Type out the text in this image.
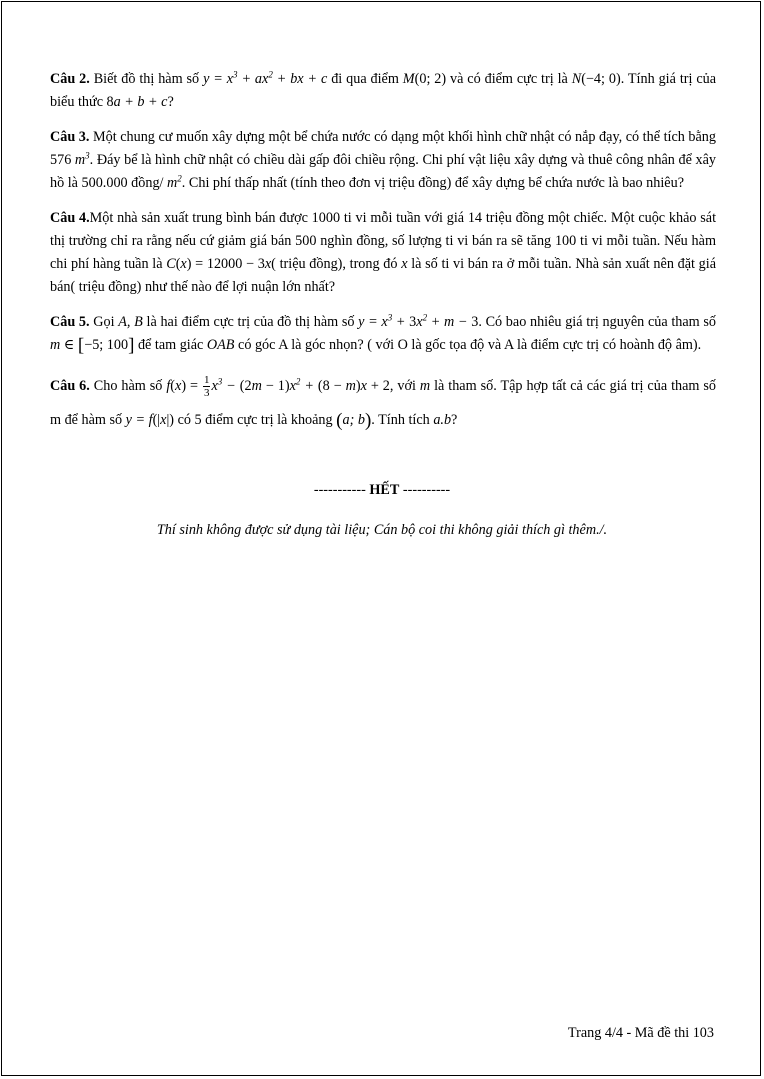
Câu 2. Biết đồ thị hàm số $y = x^3 + ax^2$ + bx + c đi qua điểm M(0; 2) và có điểm cực trị là N(−4; 0). Tính giá trị của biểu thức 8a + b + c?

Câu 3. Một chung cư muốn xây dựng một bể chứa nước có dạng một khối hình chữ nhật có nắp đạy, có thể tích bằng 576 $m^3$. Đáy bể là hình chữ nhật có chiều dài gấp đôi chiều rộng. Chi phí vật liệu xây dựng và thuê công nhân để xây hồ là 500.000 đồng/ $m^2$. Chi phí thấp nhất (tính theo đơn vị triệu đồng) để xây dựng bể chứa nước là bao nhiêu?

Câu 4.Một nhà sản xuất trung bình bán được 1000 ti vi mỗi tuần với giá 14 triệu đồng một chiếc. Một cuộc khảo sát thị trường chỉ ra rằng nếu cứ giảm giá bán 500 nghìn đồng, số lượng ti vi bán ra sẽ tăng 100 ti vi mỗi tuần. Nếu hàm chi phí hàng tuần là C(x) = 12000 − 3x( triệu đồng), trong đó x là số ti vi bán ra ở mỗi tuần. Nhà sản xuất nên đặt giá bán( triệu đồng) như thế nào để lợi nuận lớn nhất?

Câu 5. Gọi A, B là hai điểm cực trị của đồ thị hàm số $y = x^3 + 3x^2 + m - 3$. Có bao nhiêu giá trị nguyên của tham số m ∈ [−5; 100] để tam giác OAB có góc A là góc nhọn? ( với O là gốc tọa độ và A là điểm cực trị có hoành độ âm).

Câu 6. Cho hàm số $f(x) = \frac{1}{3} x^3 - (2m - 1)x^2 + (8 - m)x + 2$, với m là tham số. Tập hợp tất cả các giá trị của tham số m để hàm số y = f(|x|) có 5 điểm cực trị là khoảng (a; b). Tính tích a.b?

----------- HẾT ----------
Thí sinh không được sử dụng tài liệu; Cán bộ coi thi không giải thích gì thêm./.
Trang 4/4 - Mã đề thi 103
